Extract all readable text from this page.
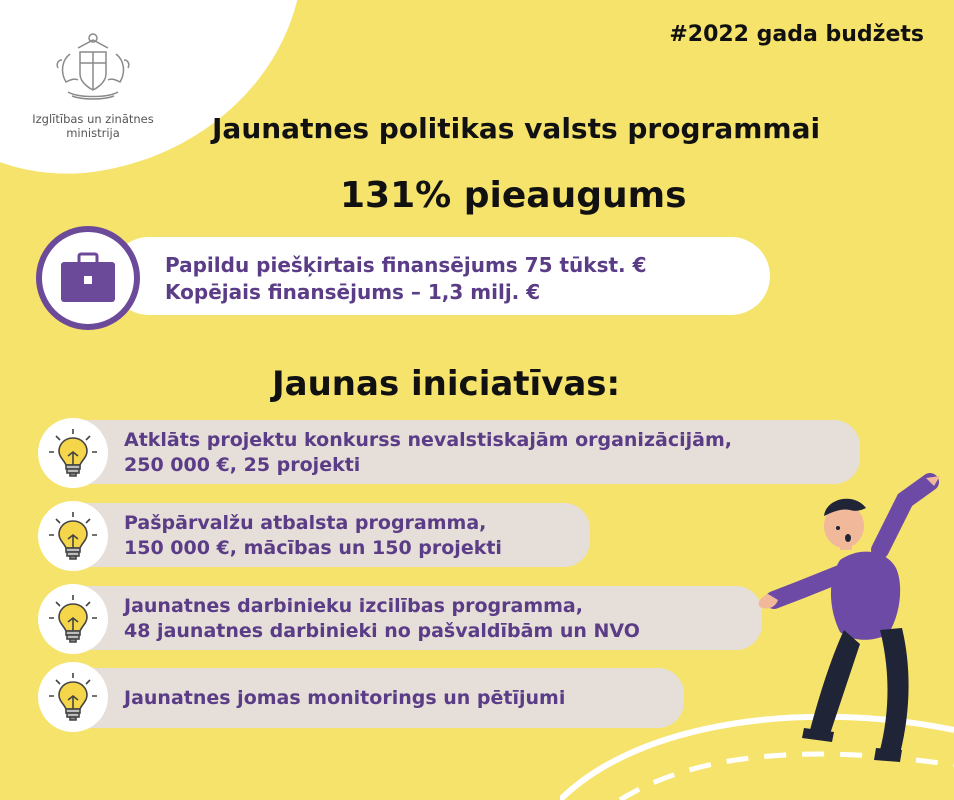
Izglītības un zinātnes
ministrija
#2022 gada budžets
Jaunatnes politikas valsts programmai
131% pieaugums
Papildu piešķirtais finansējums 75 tūkst. €
Kopējais finansējums – 1,3 milj. €
Jaunas iniciatīvas:
Atklāts projektu konkurss nevalstiskajām organizācijām,
250 000 €, 25 projekti
Pašpārvalžu atbalsta programma,
150 000 €, mācības un 150 projekti
Jaunatnes darbinieku izcilības programma,
48 jaunatnes darbinieki no pašvaldībām un NVO
Jaunatnes jomas monitorings un pētījumi
